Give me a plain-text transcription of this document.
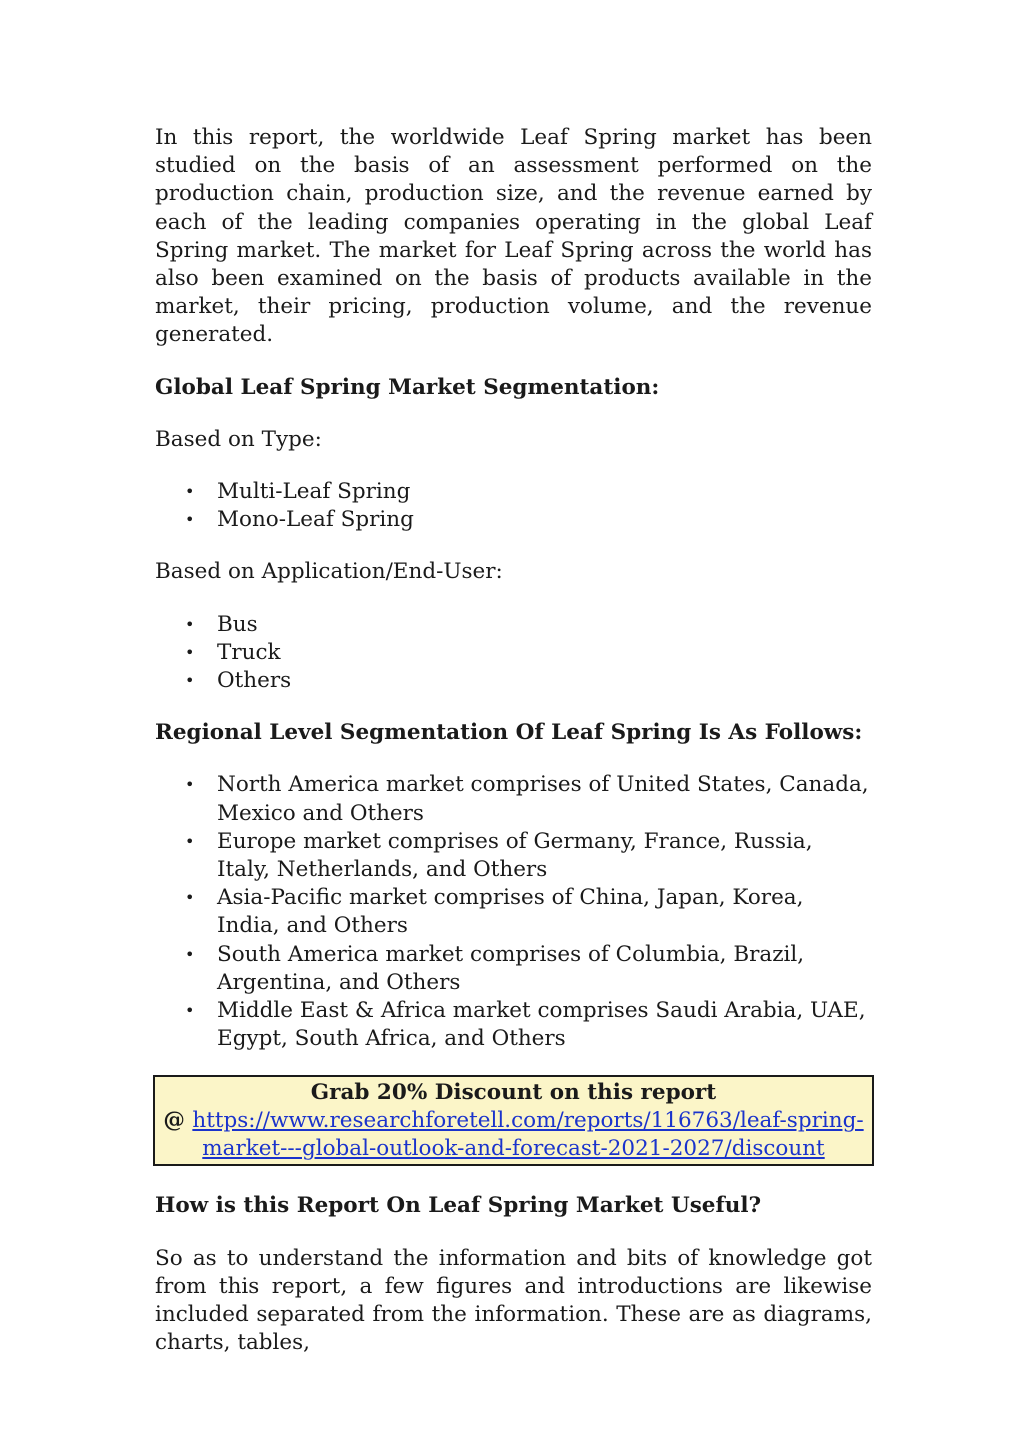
In this report, the worldwide Leaf Spring market has been studied on the basis of an assessment performed on the production chain, production size, and the revenue earned by each of the leading companies operating in the global Leaf Spring market. The market for Leaf Spring across the world has also been examined on the basis of products available in the market, their pricing, production volume, and the revenue generated.

Global Leaf Spring Market Segmentation:

Based on Type:

• Multi-Leaf Spring
• Mono-Leaf Spring

Based on Application/End-User:

• Bus
• Truck
• Others

Regional Level Segmentation Of Leaf Spring Is As Follows:

• North America market comprises of United States, Canada, Mexico and Others
• Europe market comprises of Germany, France, Russia, Italy, Netherlands, and Others
• Asia-Pacific market comprises of China, Japan, Korea, India, and Others
• South America market comprises of Columbia, Brazil, Argentina, and Others
• Middle East & Africa market comprises Saudi Arabia, UAE, Egypt, South Africa, and Others
Grab 20% Discount on this report
@ https://www.researchforetell.com/reports/116763/leaf-spring-market---global-outlook-and-forecast-2021-2027/discount

How is this Report On Leaf Spring Market Useful?

So as to understand the information and bits of knowledge got from this report, a few figures and introductions are likewise included separated from the information. These are as diagrams, charts, tables,
